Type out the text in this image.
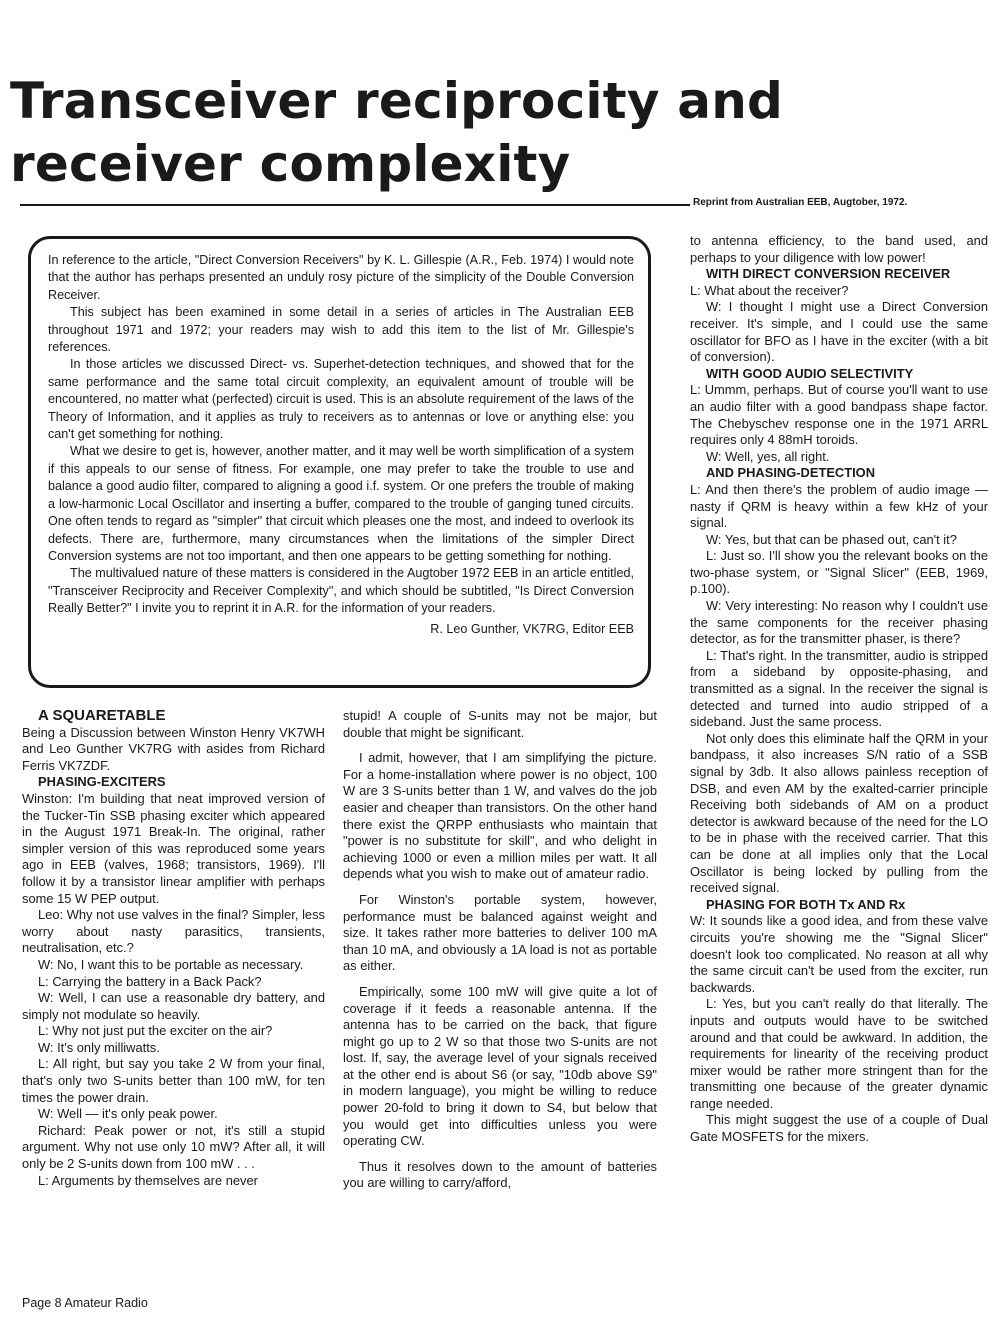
Transceiver reciprocity and receiver complexity
Reprint from Australian EEB, Augtober, 1972.

In reference to the article, "Direct Conversion Receivers" by K. L. Gillespie (A.R., Feb. 1974) I would note that the author has perhaps presented an unduly rosy picture of the simplicity of the Double Conversion Receiver.

This subject has been examined in some detail in a series of articles in The Australian EEB throughout 1971 and 1972; your readers may wish to add this item to the list of Mr. Gillespie's references.

In those articles we discussed Direct- vs. Superhet-detection techniques, and showed that for the same performance and the same total circuit complexity, an equivalent amount of trouble will be encountered, no matter what (perfected) circuit is used. This is an absolute requirement of the laws of the Theory of Information, and it applies as truly to receivers as to antennas or love or anything else: you can't get something for nothing.

What we desire to get is, however, another matter, and it may well be worth simplification of a system if this appeals to our sense of fitness. For example, one may prefer to take the trouble to use and balance a good audio filter, compared to aligning a good i.f. system. Or one prefers the trouble of making a low-harmonic Local Oscillator and inserting a buffer, compared to the trouble of ganging tuned circuits. One often tends to regard as "simpler" that circuit which pleases one the most, and indeed to overlook its defects. There are, furthermore, many circumstances when the limitations of the simpler Direct Conversion systems are not too important, and then one appears to be getting something for nothing.

The multivalued nature of these matters is considered in the Augtober 1972 EEB in an article entitled, "Transceiver Reciprocity and Receiver Complexity", and which should be subtitled, "Is Direct Conversion Really Better?" I invite you to reprint it in A.R. for the information of your readers.

R. Leo Gunther, VK7RG, Editor EEB

A SQUARETABLE

Being a Discussion between Winston Henry VK7WH and Leo Gunther VK7RG with asides from Richard Ferris VK7ZDF.

PHASING-EXCITERS

Winston: I'm building that neat improved version of the Tucker-Tin SSB phasing exciter which appeared in the August 1971 Break-In. The original, rather simpler version of this was reproduced some years ago in EEB (valves, 1968; transistors, 1969). I'll follow it by a transistor linear amplifier with perhaps some 15 W PEP output.

Leo: Why not use valves in the final? Simpler, less worry about nasty parasitics, transients, neutralisation, etc.?

W: No, I want this to be portable as necessary.

L: Carrying the battery in a Back Pack?

W: Well, I can use a reasonable dry battery, and simply not modulate so heavily.

L: Why not just put the exciter on the air?

W: It's only milliwatts.

L: All right, but say you take 2 W from your final, that's only two S-units better than 100 mW, for ten times the power drain.

W: Well — it's only peak power.

Richard: Peak power or not, it's still a stupid argument. Why not use only 10 mW? After all, it will only be 2 S-units down from 100 mW . . .

L: Arguments by themselves are never

stupid! A couple of S-units may not be major, but double that might be significant.

I admit, however, that I am simplifying the picture. For a home-installation where power is no object, 100 W are 3 S-units better than 1 W, and valves do the job easier and cheaper than transistors. On the other hand there exist the QRPP enthusiasts who maintain that "power is no substitute for skill", and who delight in achieving 1000 or even a million miles per watt. It all depends what you wish to make out of amateur radio.

For Winston's portable system, however, performance must be balanced against weight and size. It takes rather more batteries to deliver 100 mA than 10 mA, and obviously a 1A load is not as portable as either.

Empirically, some 100 mW will give quite a lot of coverage if it feeds a reasonable antenna. If the antenna has to be carried on the back, that figure might go up to 2 W so that those two S-units are not lost. If, say, the average level of your signals received at the other end is about S6 (or say, "10db above S9" in modern language), you might be willing to reduce power 20-fold to bring it down to S4, but below that you would get into difficulties unless you were operating CW.

Thus it resolves down to the amount of batteries you are willing to carry/afford,

to antenna efficiency, to the band used, and perhaps to your diligence with low power!

WITH DIRECT CONVERSION RECEIVER

L: What about the receiver?

W: I thought I might use a Direct Conversion receiver. It's simple, and I could use the same oscillator for BFO as I have in the exciter (with a bit of conversion).

WITH GOOD AUDIO SELECTIVITY

L: Ummm, perhaps. But of course you'll want to use an audio filter with a good bandpass shape factor. The Chebyschev response one in the 1971 ARRL requires only 4 88mH toroids.

W: Well, yes, all right.

AND PHASING-DETECTION

L: And then there's the problem of audio image — nasty if QRM is heavy within a few kHz of your signal.

W: Yes, but that can be phased out, can't it?

L: Just so. I'll show you the relevant books on the two-phase system, or "Signal Slicer" (EEB, 1969, p.100).

W: Very interesting: No reason why I couldn't use the same components for the receiver phasing detector, as for the transmitter phaser, is there?

L: That's right. In the transmitter, audio is stripped from a sideband by opposite-phasing, and transmitted as a signal. In the receiver the signal is detected and turned into audio stripped of a sideband. Just the same process.

Not only does this eliminate half the QRM in your bandpass, it also increases S/N ratio of a SSB signal by 3db. It also allows painless reception of DSB, and even AM by the exalted-carrier principle Receiving both sidebands of AM on a product detector is awkward because of the need for the LO to be in phase with the received carrier. That this can be done at all implies only that the Local Oscillator is being locked by pulling from the received signal.

PHASING FOR BOTH Tx AND Rx

W: It sounds like a good idea, and from these valve circuits you're showing me the "Signal Slicer" doesn't look too complicated. No reason at all why the same circuit can't be used from the exciter, run backwards.

L: Yes, but you can't really do that literally. The inputs and outputs would have to be switched around and that could be awkward. In addition, the requirements for linearity of the receiving product mixer would be rather more stringent than for the transmitting one because of the greater dynamic range needed.

This might suggest the use of a couple of Dual Gate MOSFETS for the mixers.

Page 8 Amateur Radio
